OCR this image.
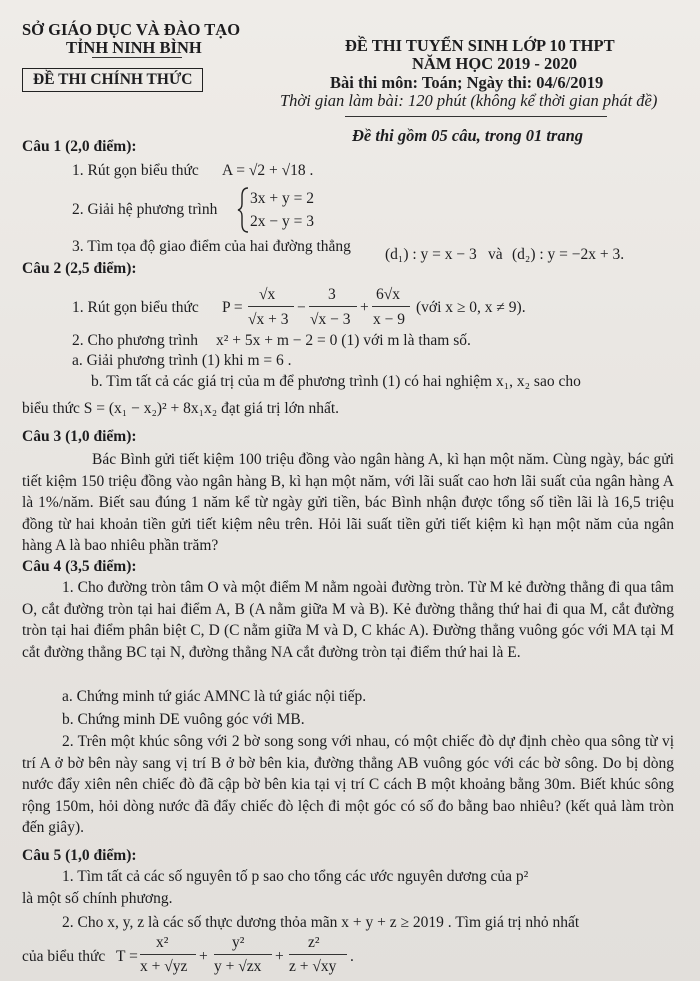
SỞ GIÁO DỤC VÀ ĐÀO TẠO
TỈNH NINH BÌNH
ĐỀ THI CHÍNH THỨC
ĐỀ THI TUYỂN SINH LỚP 10 THPT
NĂM HỌC 2019 - 2020
Bài thi môn: Toán; Ngày thi: 04/6/2019
Thời gian làm bài: 120 phút (không kể thời gian phát đề)
Đề thi gồm 05 câu, trong 01 trang
Câu 1 (2,0 điểm):
1. Rút gọn biểu thức A = √2 + √18 .
2. Giải hệ phương trình
3x + y = 2
2x − y = 3
3. Tìm tọa độ giao điểm của hai đường thẳng (d₁) : y = x − 3 và (d₂) : y = −2x + 3.
Câu 2 (2,5 điểm):
1. Rút gọn biểu thức P =
√x
√x + 3
−
3
√x − 3
+
6√x
x − 9
(với x ≥ 0, x ≠ 9).
2. Cho phương trình x² + 5x + m − 2 = 0 (1) với m là tham số.
a. Giải phương trình (1) khi m = 6 .
b. Tìm tất cả các giá trị của m để phương trình (1) có hai nghiệm x₁, x₂ sao cho
biểu thức S = (x₁ − x₂)² + 8x₁x₂ đạt giá trị lớn nhất.
Câu 3 (1,0 điểm):
Bác Bình gửi tiết kiệm 100 triệu đồng vào ngân hàng A, kì hạn một năm. Cùng ngày, bác gửi tiết kiệm 150 triệu đồng vào ngân hàng B, kì hạn một năm, với lãi suất cao hơn lãi suất của ngân hàng A là 1%/năm. Biết sau đúng 1 năm kể từ ngày gửi tiền, bác Bình nhận được tổng số tiền lãi là 16,5 triệu đồng từ hai khoản tiền gửi tiết kiệm nêu trên. Hỏi lãi suất tiền gửi tiết kiệm kì hạn một năm của ngân hàng A là bao nhiêu phần trăm?
Câu 4 (3,5 điểm):
1. Cho đường tròn tâm O và một điểm M nằm ngoài đường tròn. Từ M kẻ đường thẳng đi qua tâm O, cắt đường tròn tại hai điểm A, B (A nằm giữa M và B). Kẻ đường thẳng thứ hai đi qua M, cắt đường tròn tại hai điểm phân biệt C, D (C nằm giữa M và D, C khác A). Đường thẳng vuông góc với MA tại M cắt đường thẳng BC tại N, đường thẳng NA cắt đường tròn tại điểm thứ hai là E.
a. Chứng minh tứ giác AMNC là tứ giác nội tiếp.
b. Chứng minh DE vuông góc với MB.
2. Trên một khúc sông với 2 bờ song song với nhau, có một chiếc đò dự định chèo qua sông từ vị trí A ở bờ bên này sang vị trí B ở bờ bên kia, đường thẳng AB vuông góc với các bờ sông. Do bị dòng nước đẩy xiên nên chiếc đò đã cập bờ bên kia tại vị trí C cách B một khoảng bằng 30m. Biết khúc sông rộng 150m, hỏi dòng nước đã đẩy chiếc đò lệch đi một góc có số đo bằng bao nhiêu? (kết quả làm tròn đến giây).
Câu 5 (1,0 điểm):
1. Tìm tất cả các số nguyên tố p sao cho tổng các ước nguyên dương của p²
là một số chính phương.
2. Cho x, y, z là các số thực dương thỏa mãn x + y + z ≥ 2019 . Tìm giá trị nhỏ nhất
của biểu thức T =
x²
x + √yz
+
y²
y + √zx
+
z²
z + √xy
.
